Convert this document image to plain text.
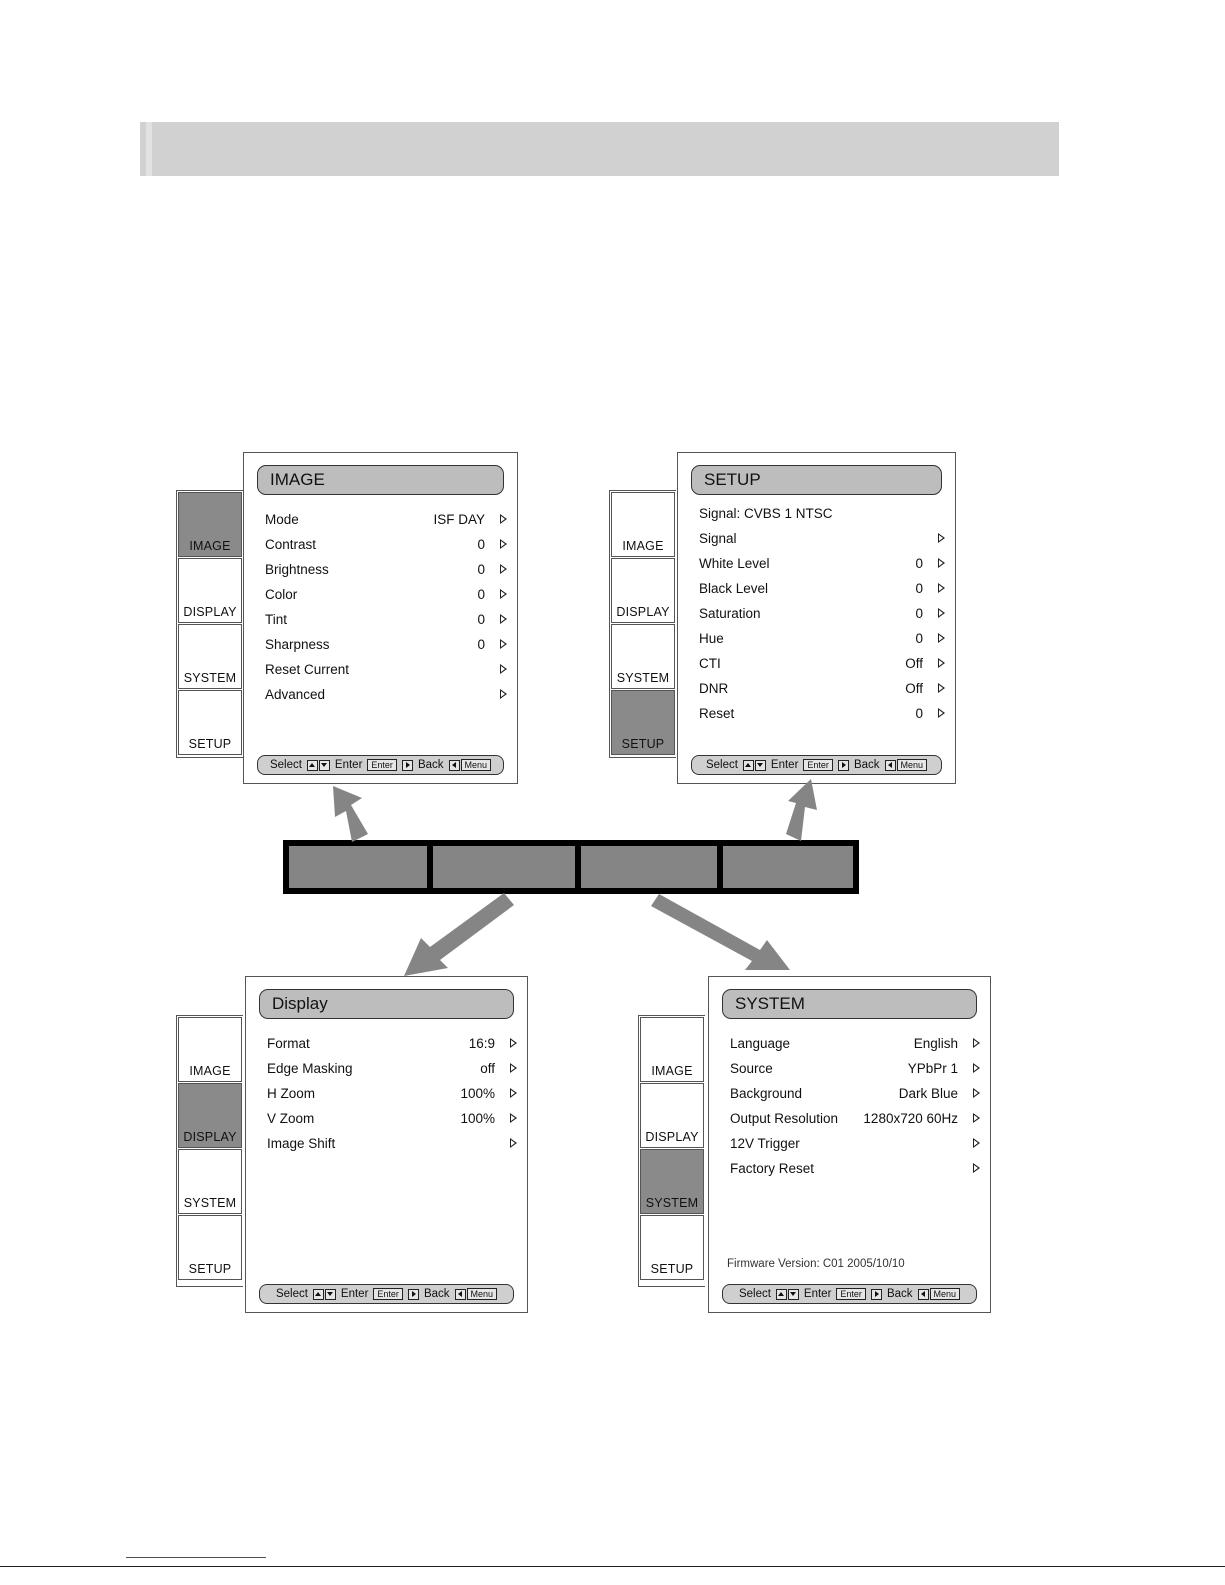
IMAGE
DISPLAY
SYSTEM
SETUP
IMAGE
Mode	ISF DAY
Contrast	0
Brightness	0
Color	0
Tint	0
Sharpness	0
Reset Current
Advanced
Select	Enter	Enter	Back	Menu
IMAGE
DISPLAY
SYSTEM
SETUP
SETUP
Signal: CVBS 1 NTSC
Signal
White Level	0
Black Level	0
Saturation	0
Hue	0
CTI	Off
DNR	Off
Reset	0
Select	Enter	Enter	Back	Menu
IMAGE
DISPLAY
SYSTEM
SETUP
Display
Format	16:9
Edge Masking	off
H Zoom	100%
V Zoom	100%
Image Shift
Select	Enter	Enter	Back	Menu
IMAGE
DISPLAY
SYSTEM
SETUP
SYSTEM
Language	English
Source	YPbPr 1
Background	Dark Blue
Output Resolution 1280x720 60Hz
12V Trigger
Factory Reset
Firmware Version: C01 2005/10/10
Select	Enter	Enter	Back	Menu
